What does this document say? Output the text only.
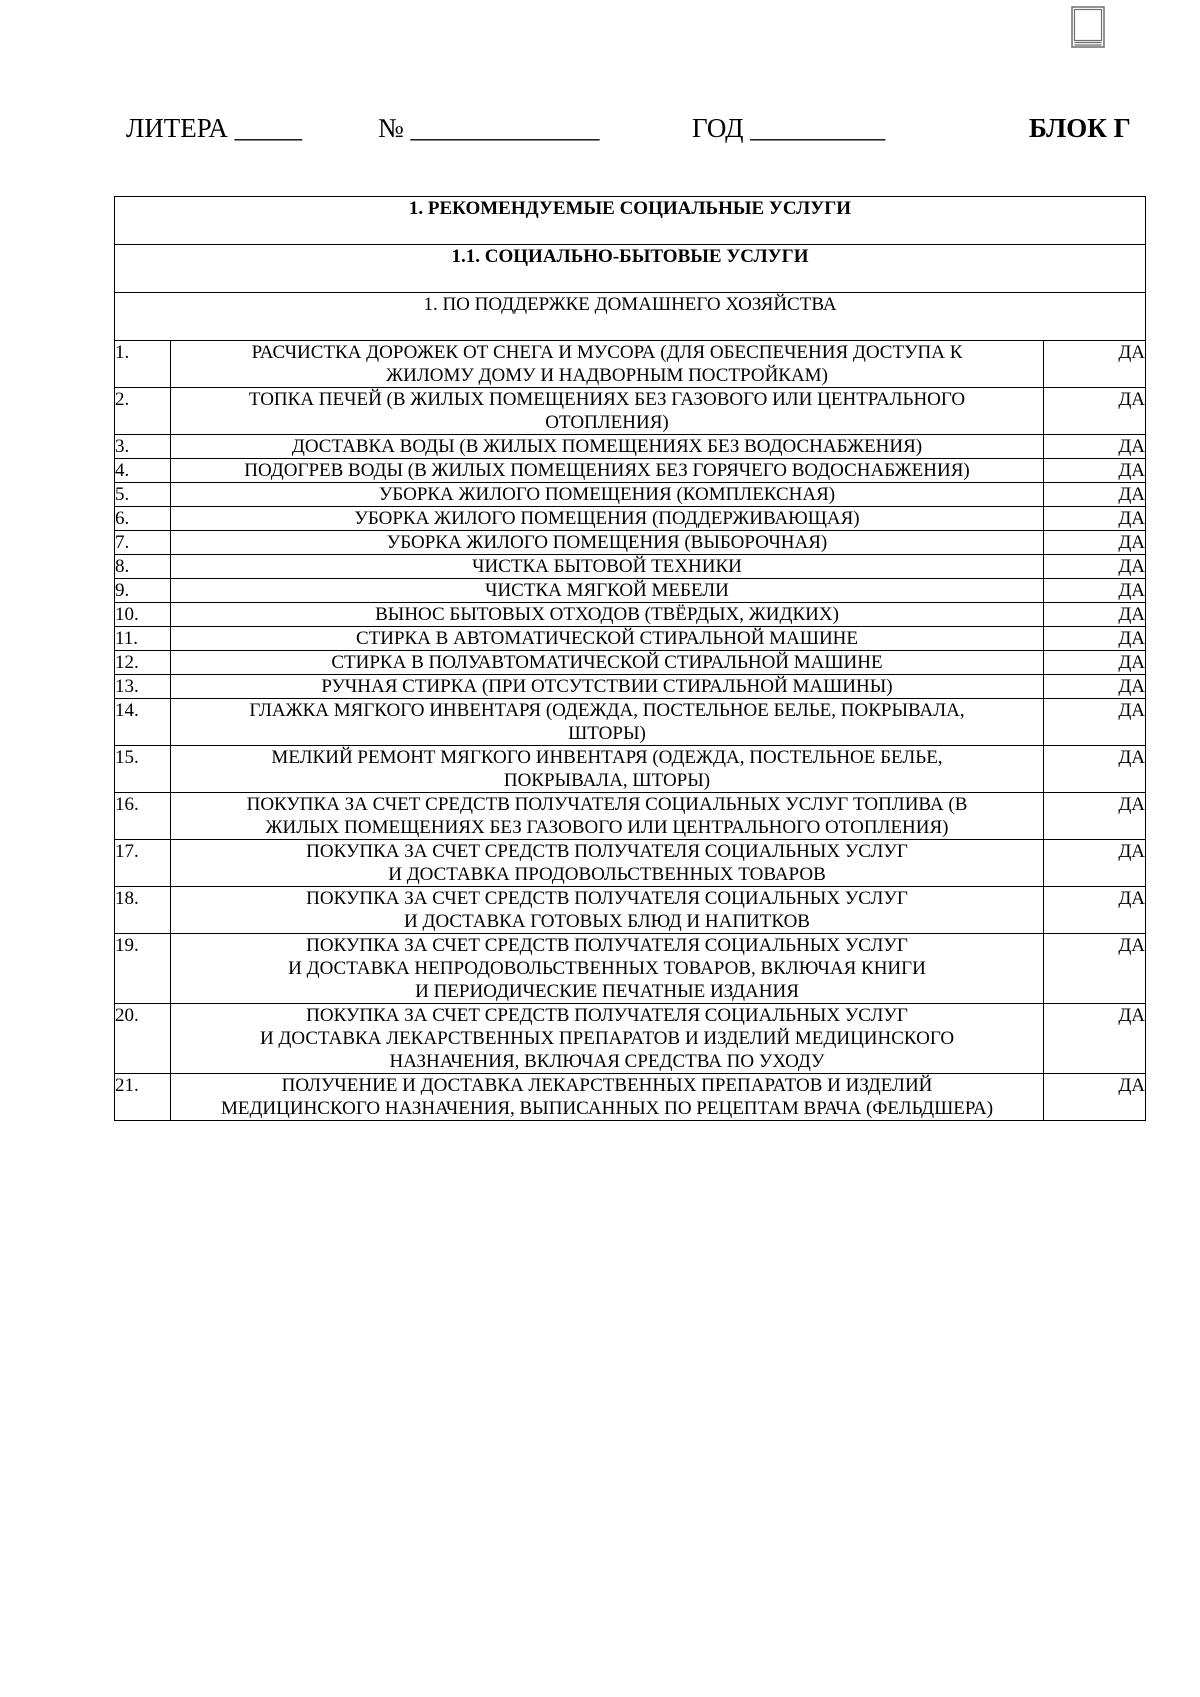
ЛИТЕРА _____	№ ______________	ГОД __________	БЛОК Г
1. РЕКОМЕНДУЕМЫЕ СОЦИАЛЬНЫЕ УСЛУГИ		
1.1. СОЦИАЛЬНО-БЫТОВЫЕ УСЛУГИ		
1. ПО ПОДДЕРЖКЕ ДОМАШНЕГО ХОЗЯЙСТВА		
1.	РАСЧИСТКА ДОРОЖЕК ОТ СНЕГА И МУСОРА (ДЛЯ ОБЕСПЕЧЕНИЯ ДОСТУПА К
ЖИЛОМУ ДОМУ И НАДВОРНЫМ ПОСТРОЙКАМ)	ДА
2.	ТОПКА ПЕЧЕЙ (В ЖИЛЫХ ПОМЕЩЕНИЯХ БЕЗ ГАЗОВОГО ИЛИ ЦЕНТРАЛЬНОГО
ОТОПЛЕНИЯ)	ДА
3.	ДОСТАВКА ВОДЫ (В ЖИЛЫХ ПОМЕЩЕНИЯХ БЕЗ ВОДОСНАБЖЕНИЯ)	ДА
4.	ПОДОГРЕВ ВОДЫ (В ЖИЛЫХ ПОМЕЩЕНИЯХ БЕЗ ГОРЯЧЕГО ВОДОСНАБЖЕНИЯ)	ДА
5.	УБОРКА ЖИЛОГО ПОМЕЩЕНИЯ (КОМПЛЕКСНАЯ)	ДА
6.	УБОРКА ЖИЛОГО ПОМЕЩЕНИЯ (ПОДДЕРЖИВАЮЩАЯ)	ДА
7.	УБОРКА ЖИЛОГО ПОМЕЩЕНИЯ (ВЫБОРОЧНАЯ)	ДА
8.	ЧИСТКА БЫТОВОЙ ТЕХНИКИ	ДА
9.	ЧИСТКА МЯГКОЙ МЕБЕЛИ	ДА
10.	ВЫНОС БЫТОВЫХ ОТХОДОВ (ТВЁРДЫХ, ЖИДКИХ)	ДА
11.	СТИРКА В АВТОМАТИЧЕСКОЙ СТИРАЛЬНОЙ МАШИНЕ	ДА
12.	СТИРКА В ПОЛУАВТОМАТИЧЕСКОЙ СТИРАЛЬНОЙ МАШИНЕ	ДА
13.	РУЧНАЯ СТИРКА (ПРИ ОТСУТСТВИИ СТИРАЛЬНОЙ МАШИНЫ)	ДА
14.	ГЛАЖКА МЯГКОГО ИНВЕНТАРЯ (ОДЕЖДА, ПОСТЕЛЬНОЕ БЕЛЬЕ, ПОКРЫВАЛА,
ШТОРЫ)	ДА
15.	МЕЛКИЙ РЕМОНТ МЯГКОГО ИНВЕНТАРЯ (ОДЕЖДА, ПОСТЕЛЬНОЕ БЕЛЬЕ,
ПОКРЫВАЛА, ШТОРЫ)	ДА
16.	ПОКУПКА ЗА СЧЕТ СРЕДСТВ ПОЛУЧАТЕЛЯ СОЦИАЛЬНЫХ УСЛУГ ТОПЛИВА (В
ЖИЛЫХ ПОМЕЩЕНИЯХ БЕЗ ГАЗОВОГО ИЛИ ЦЕНТРАЛЬНОГО ОТОПЛЕНИЯ)	ДА
17.	ПОКУПКА ЗА СЧЕТ СРЕДСТВ ПОЛУЧАТЕЛЯ СОЦИАЛЬНЫХ УСЛУГ
И ДОСТАВКА ПРОДОВОЛЬСТВЕННЫХ ТОВАРОВ	ДА
18.	ПОКУПКА ЗА СЧЕТ СРЕДСТВ ПОЛУЧАТЕЛЯ СОЦИАЛЬНЫХ УСЛУГ
И ДОСТАВКА ГОТОВЫХ БЛЮД И НАПИТКОВ	ДА
19.	ПОКУПКА ЗА СЧЕТ СРЕДСТВ ПОЛУЧАТЕЛЯ СОЦИАЛЬНЫХ УСЛУГ
И ДОСТАВКА НЕПРОДОВОЛЬСТВЕННЫХ ТОВАРОВ, ВКЛЮЧАЯ КНИГИ
И ПЕРИОДИЧЕСКИЕ ПЕЧАТНЫЕ ИЗДАНИЯ	ДА
20.	ПОКУПКА ЗА СЧЕТ СРЕДСТВ ПОЛУЧАТЕЛЯ СОЦИАЛЬНЫХ УСЛУГ
И ДОСТАВКА ЛЕКАРСТВЕННЫХ ПРЕПАРАТОВ И ИЗДЕЛИЙ МЕДИЦИНСКОГО
НАЗНАЧЕНИЯ, ВКЛЮЧАЯ СРЕДСТВА ПО УХОДУ	ДА
21.	ПОЛУЧЕНИЕ И ДОСТАВКА ЛЕКАРСТВЕННЫХ ПРЕПАРАТОВ И ИЗДЕЛИЙ
МЕДИЦИНСКОГО НАЗНАЧЕНИЯ, ВЫПИСАННЫХ ПО РЕЦЕПТАМ ВРАЧА (ФЕЛЬДШЕРА)	ДА
